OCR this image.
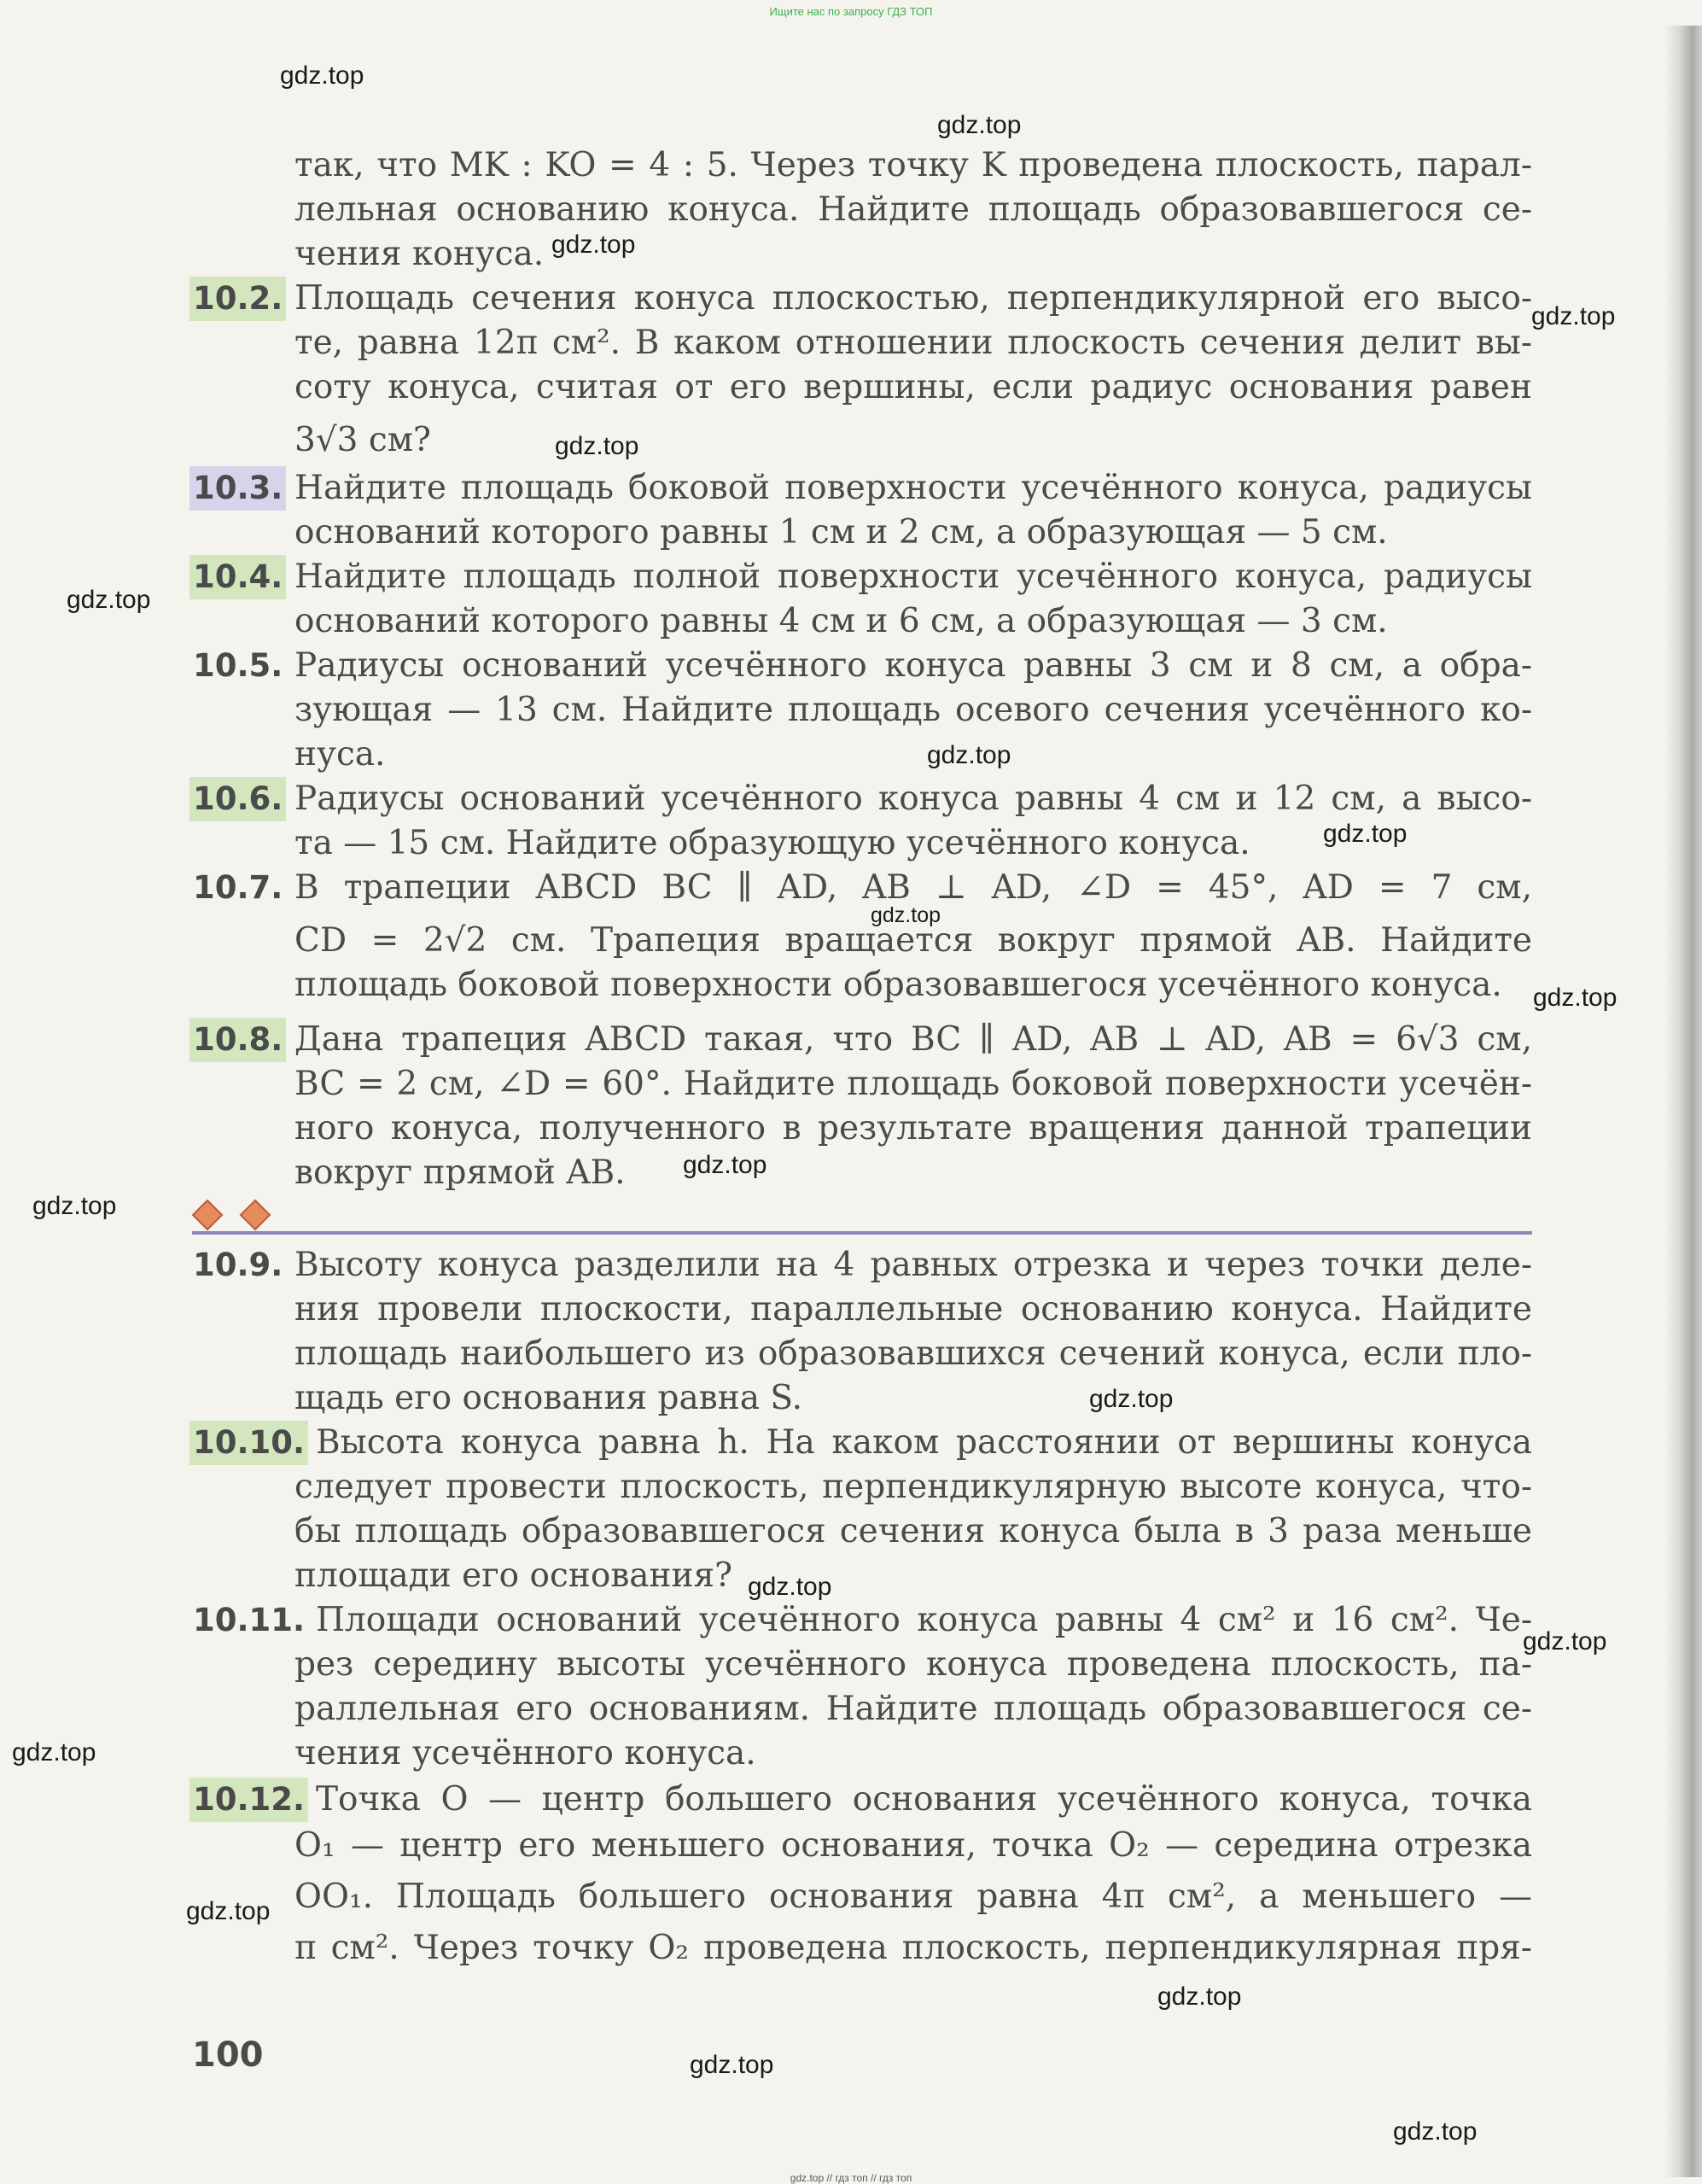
Ищите нас по запросу ГДЗ ТОП
так, что MK : KO = 4 : 5. Через точку K проведена плоскость, парал-
лельная основанию конуса. Найдите площадь образовавшегося се-
чения конуса.
10.2. Площадь сечения конуса плоскостью, перпендикулярной его высо-
те, равна 12π см². В каком отношении плоскость сечения делит вы-
соту конуса, считая от его вершины, если радиус основания равен
3√3 см?
10.3. Найдите площадь боковой поверхности усечённого конуса, радиусы
оснований которого равны 1 см и 2 см, а образующая — 5 см.
10.4. Найдите площадь полной поверхности усечённого конуса, радиусы
оснований которого равны 4 см и 6 см, а образующая — 3 см.
10.5. Радиусы оснований усечённого конуса равны 3 см и 8 см, а обра-
зующая — 13 см. Найдите площадь осевого сечения усечённого ко-
нуса.
10.6. Радиусы оснований усечённого конуса равны 4 см и 12 см, а высо-
та — 15 см. Найдите образующую усечённого конуса.
10.7. В трапеции ABCD BC ∥ AD, AB ⊥ AD, ∠D = 45°, AD = 7 см,
CD = 2√2 см. Трапеция вращается вокруг прямой AB. Найдите
площадь боковой поверхности образовавшегося усечённого конуса.
10.8. Дана трапеция ABCD такая, что BC ∥ AD, AB ⊥ AD, AB = 6√3 см,
BC = 2 см, ∠D = 60°. Найдите площадь боковой поверхности усечён-
ного конуса, полученного в результате вращения данной трапеции
вокруг прямой AB.
10.9. Высоту конуса разделили на 4 равных отрезка и через точки деле-
ния провели плоскости, параллельные основанию конуса. Найдите
площадь наибольшего из образовавшихся сечений конуса, если пло-
щадь его основания равна S.
10.10. Высота конуса равна h. На каком расстоянии от вершины конуса
следует провести плоскость, перпендикулярную высоте конуса, что-
бы площадь образовавшегося сечения конуса была в 3 раза меньше
площади его основания?
10.11. Площади оснований усечённого конуса равны 4 см² и 16 см². Че-
рез середину высоты усечённого конуса проведена плоскость, па-
раллельная его основаниям. Найдите площадь образовавшегося се-
чения усечённого конуса.
10.12. Точка O — центр большего основания усечённого конуса, точка
O₁ — центр его меньшего основания, точка O₂ — середина отрезка
OO₁. Площадь большего основания равна 4π см², а меньшего —
π см². Через точку O₂ проведена плоскость, перпендикулярная пря-
100
gdz.top
gdz.top
gdz.top
gdz.top
gdz.top
gdz.top
gdz.top
gdz.top
gdz.top
gdz.top
gdz.top
gdz.top
gdz.top
gdz.top
gdz.top
gdz.top
gdz.top
gdz.top
gdz.top
gdz.top
gdz.top // гдз топ // гдз топ
